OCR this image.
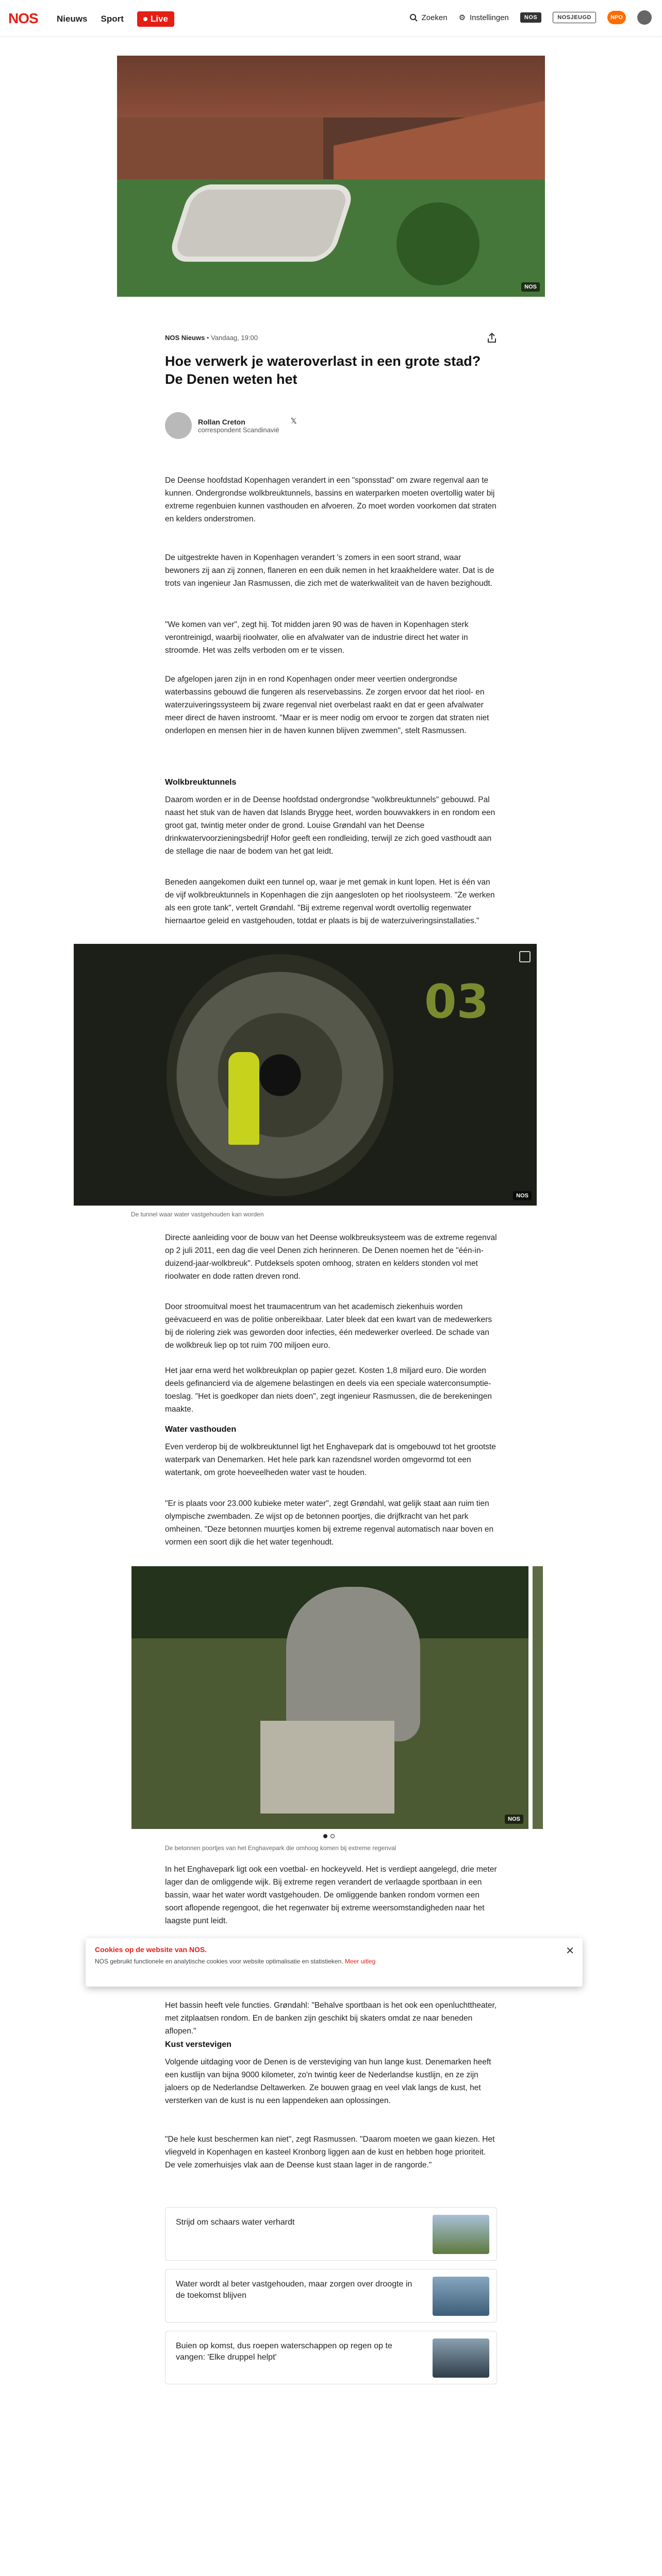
NOS Nieuws Sport	Live	Zoeken ⚙ Instellingen	NOS	NOSJEUGD	NPO
NOS
NOS Nieuws • Vandaag, 19:00
Hoe verwerk je wateroverlast in een grote stad? De Denen weten het
Rollan Creton
correspondent Scandinavië
𝕏

De Deense hoofdstad Kopenhagen verandert in een "sponsstad" om zware regenval aan te kunnen. Ondergrondse wolkbreuktunnels, bassins en waterparken moeten overtollig water bij extreme regenbuien kunnen vasthouden en afvoeren. Zo moet worden voorkomen dat straten en kelders onderstromen.

De uitgestrekte haven in Kopenhagen verandert 's zomers in een soort strand, waar bewoners zij aan zij zonnen, flaneren en een duik nemen in het kraakheldere water. Dat is de trots van ingenieur Jan Rasmussen, die zich met de waterkwaliteit van de haven bezighoudt.

"We komen van ver", zegt hij. Tot midden jaren 90 was de haven in Kopenhagen sterk verontreinigd, waarbij rioolwater, olie en afvalwater van de industrie direct het water in stroomde. Het was zelfs verboden om er te vissen.

De afgelopen jaren zijn in en rond Kopenhagen onder meer veertien ondergrondse waterbassins gebouwd die fungeren als reservebassins. Ze zorgen ervoor dat het riool- en waterzuiveringssysteem bij zware regenval niet overbelast raakt en dat er geen afvalwater meer direct de haven instroomt. "Maar er is meer nodig om ervoor te zorgen dat straten niet onderlopen en mensen hier in de haven kunnen blijven zwemmen", stelt Rasmussen.

Wolkbreuktunnels

Daarom worden er in de Deense hoofdstad ondergrondse "wolkbreuktunnels" gebouwd. Pal naast het stuk van de haven dat Islands Brygge heet, worden bouwvakkers in en rondom een groot gat, twintig meter onder de grond. Louise Grøndahl van het Deense drinkwatervoorzieningsbedrijf Hofor geeft een rondleiding, terwijl ze zich goed vasthoudt aan de stellage die naar de bodem van het gat leidt.

Beneden aangekomen duikt een tunnel op, waar je met gemak in kunt lopen. Het is één van de vijf wolkbreuktunnels in Kopenhagen die zijn aangesloten op het rioolsysteem. "Ze werken als een grote tank", vertelt Grøndahl. "Bij extreme regenval wordt overtollig regenwater hiernaartoe geleid en vastgehouden, totdat er plaats is bij de waterzuiveringsinstallaties."

03
NOS
De tunnel waar water vastgehouden kan worden

Directe aanleiding voor de bouw van het Deense wolkbreuksysteem was de extreme regenval op 2 juli 2011, een dag die veel Denen zich herinneren. De Denen noemen het de "één-in-duizend-jaar-wolkbreuk". Putdeksels spoten omhoog, straten en kelders stonden vol met rioolwater en dode ratten dreven rond.

Door stroomuitval moest het traumacentrum van het academisch ziekenhuis worden geëvacueerd en was de politie onbereikbaar. Later bleek dat een kwart van de medewerkers bij de riolering ziek was geworden door infecties, één medewerker overleed. De schade van de wolkbreuk liep op tot ruim 700 miljoen euro.

Het jaar erna werd het wolkbreukplan op papier gezet. Kosten 1,8 miljard euro. Die worden deels gefinancierd via de algemene belastingen en deels via een speciale waterconsumptie-toeslag. "Het is goedkoper dan niets doen", zegt ingenieur Rasmussen, die de berekeningen maakte.

Water vasthouden

Even verderop bij de wolkbreuktunnel ligt het Enghavepark dat is omgebouwd tot het grootste waterpark van Denemarken. Het hele park kan razendsnel worden omgevormd tot een watertank, om grote hoeveelheden water vast te houden.

"Er is plaats voor 23.000 kubieke meter water", zegt Grøndahl, wat gelijk staat aan ruim tien olympische zwembaden. Ze wijst op de betonnen poortjes, die drijfkracht van het park omheinen. "Deze betonnen muurtjes komen bij extreme regenval automatisch naar boven en vormen een soort dijk die het water tegenhoudt.

NOS
De betonnen poortjes van het Enghavepark die omhoog komen bij extreme regenval
Cookies op de website van NOS.
NOS gebruikt functionele en analytische cookies voor website optimalisatie en statistieken. Meer uitleg
✕

In het Enghavepark ligt ook een voetbal- en hockeyveld. Het is verdiept aangelegd, drie meter lager dan de omliggende wijk. Bij extreme regen verandert de verlaagde sportbaan in een bassin, waar het water wordt vastgehouden. De omliggende banken rondom vormen een soort aflopende regengoot, die het regenwater bij extreme weersomstandigheden naar het laagste punt leidt.

Het bassin heeft vele functies. Grøndahl: "Behalve sportbaan is het ook een openluchttheater, met zitplaatsen rondom. En de banken zijn geschikt bij skaters omdat ze naar beneden aflopen."

Kust verstevigen

Volgende uitdaging voor de Denen is de versteviging van hun lange kust. Denemarken heeft een kustlijn van bijna 9000 kilometer, zo'n twintig keer de Nederlandse kustlijn, en ze zijn jaloers op de Nederlandse Deltawerken. Ze bouwen graag en veel vlak langs de kust, het versterken van de kust is nu een lappendeken aan oplossingen.

"De hele kust beschermen kan niet", zegt Rasmussen. "Daarom moeten we gaan kiezen. Het vliegveld in Kopenhagen en kasteel Kronborg liggen aan de kust en hebben hoge prioriteit. De vele zomerhuisjes vlak aan de Deense kust staan lager in de rangorde."

Strijd om schaars water verhardt
Water wordt al beter vastgehouden, maar zorgen over droogte in de toekomst blijven
Buien op komst, dus roepen waterschappen op regen op te vangen: 'Elke druppel helpt'
